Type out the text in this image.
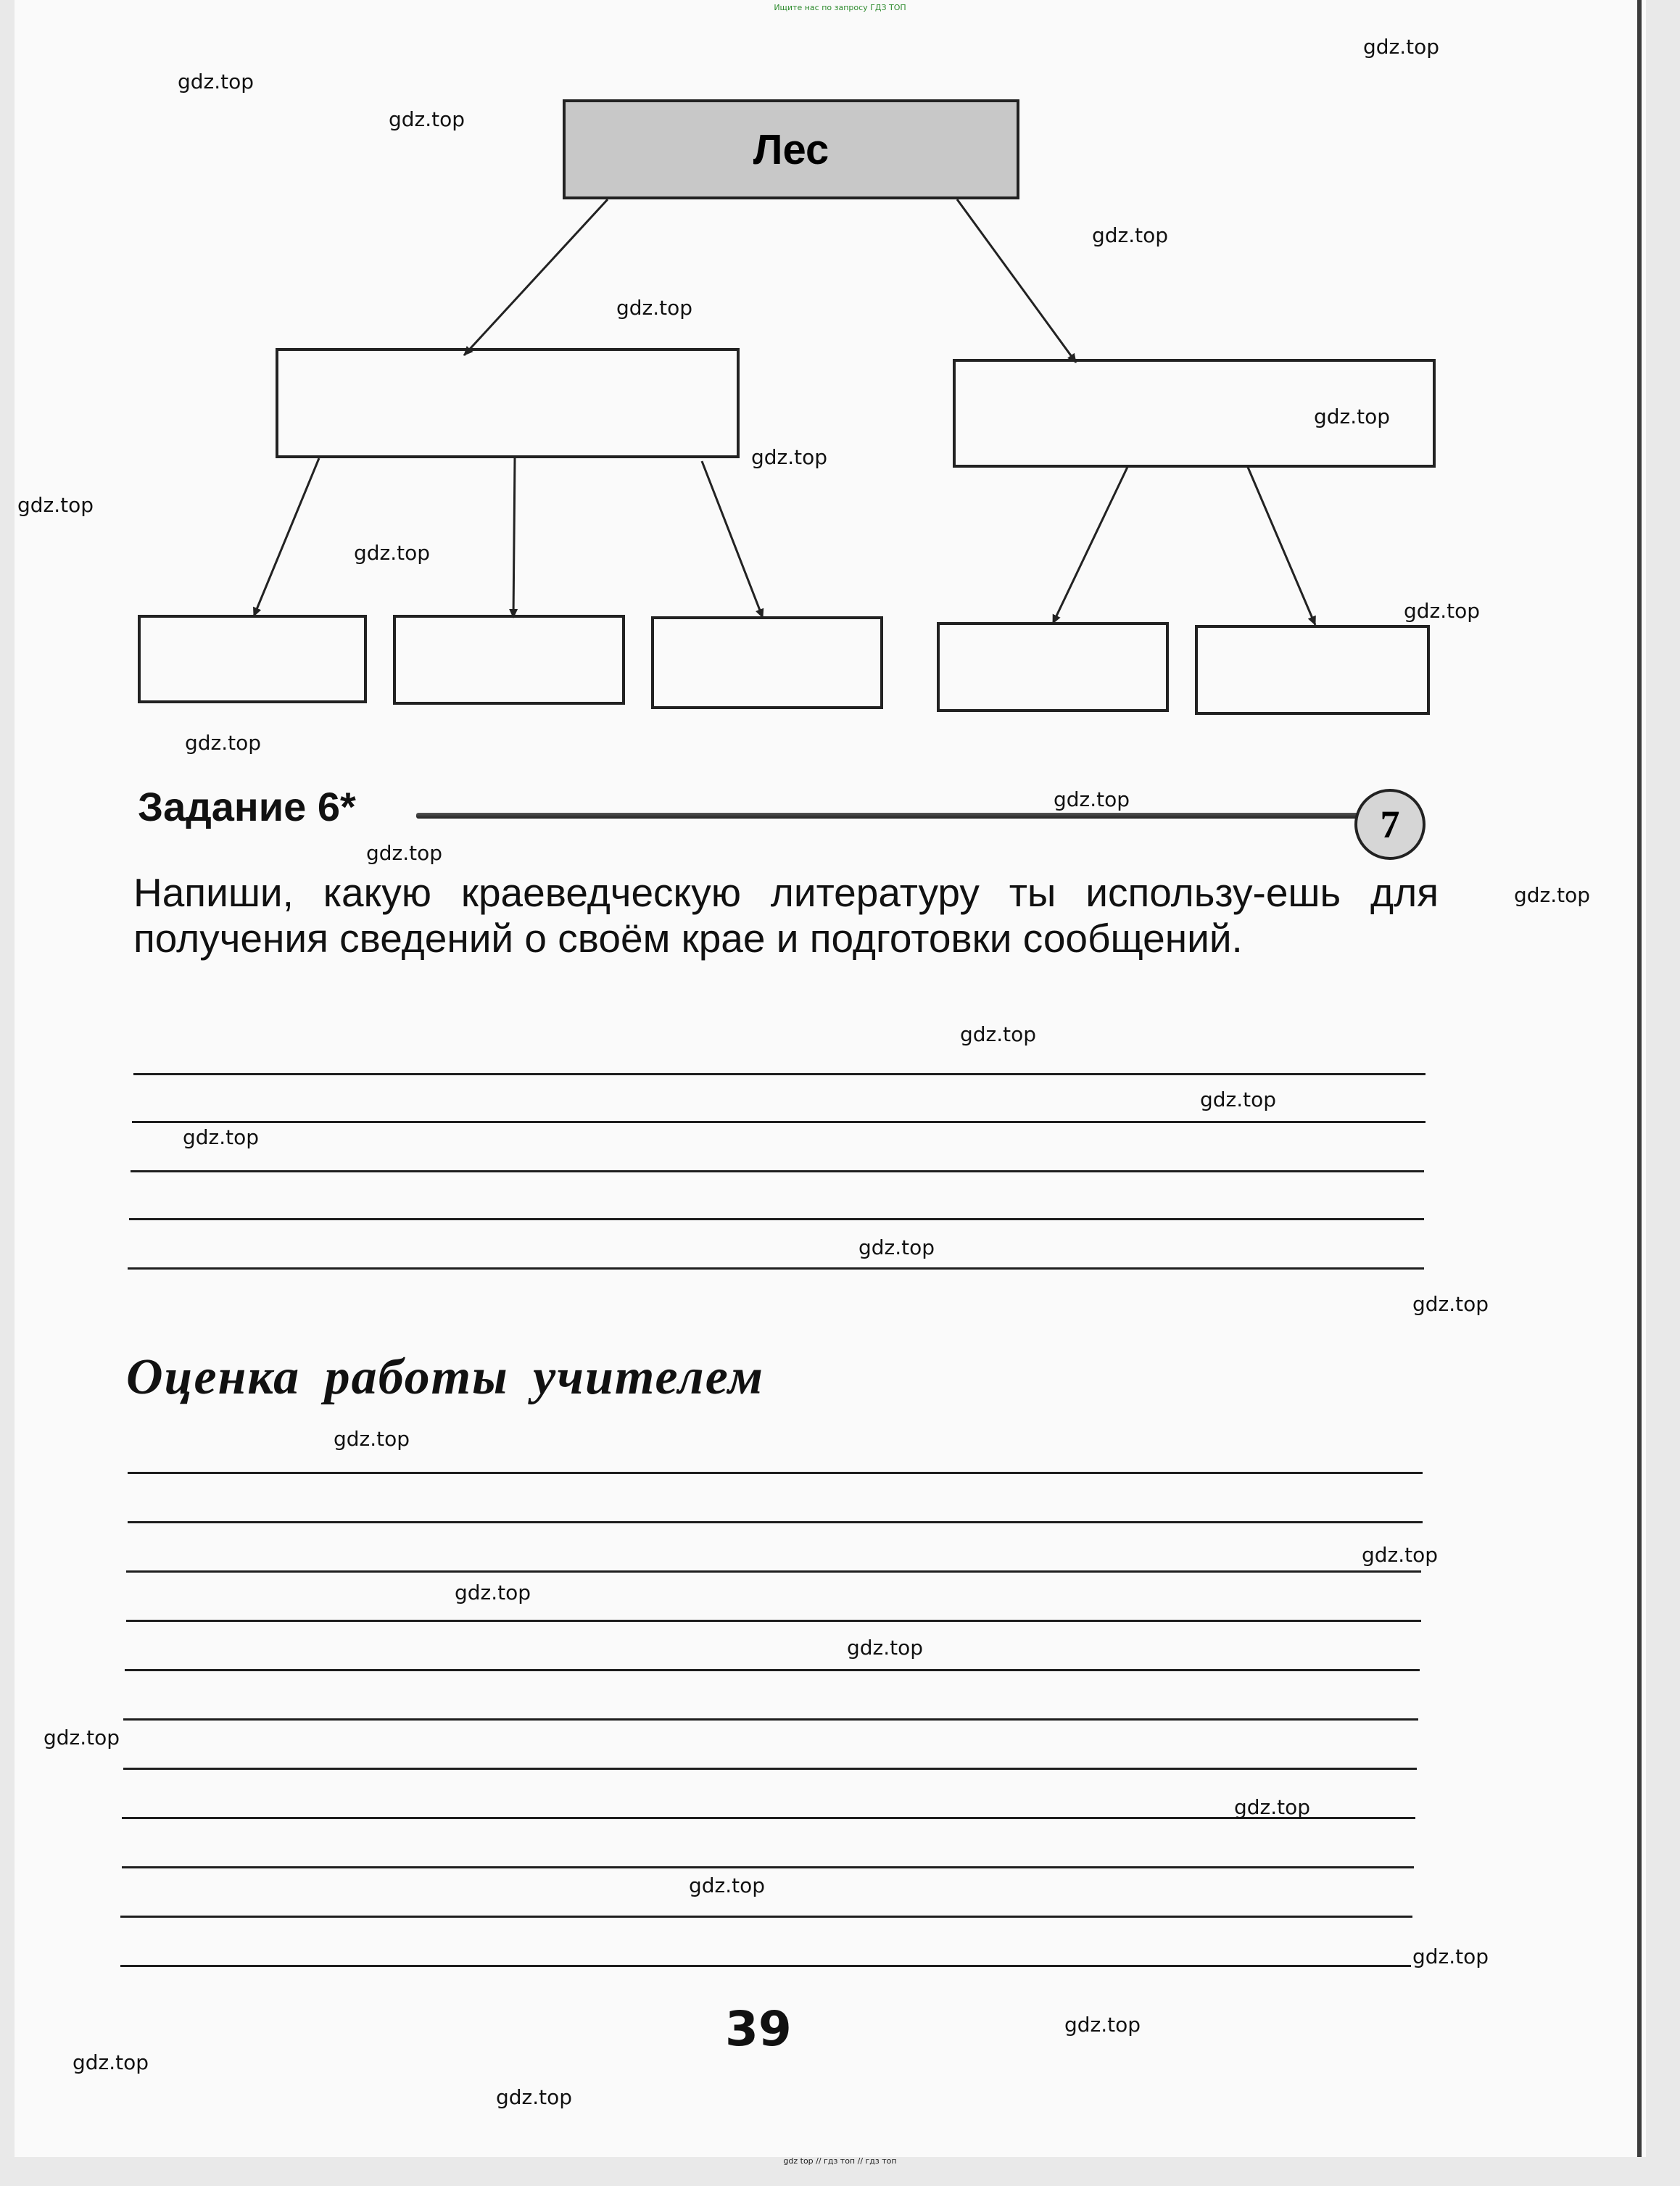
Ищите нас по запросу ГДЗ ТОП
Лес
Задание 6*	7
Напиши, какую краеведческую литературу ты использу-ешь для получения сведений о своём крае и подготовки сообщений.
Оценка работы учителем
39
gdz.top
gdz.top
gdz.top
gdz.top
gdz.top
gdz.top
gdz.top
gdz.top
gdz.top
gdz.top
gdz.top
gdz.top
gdz.top
gdz.top
gdz.top
gdz.top
gdz.top
gdz.top
gdz.top
gdz.top
gdz.top
gdz.top
gdz.top
gdz.top
gdz.top
gdz.top
gdz.top
gdz.top
gdz.top
gdz.top
gdz top // гдз топ // гдз топ
